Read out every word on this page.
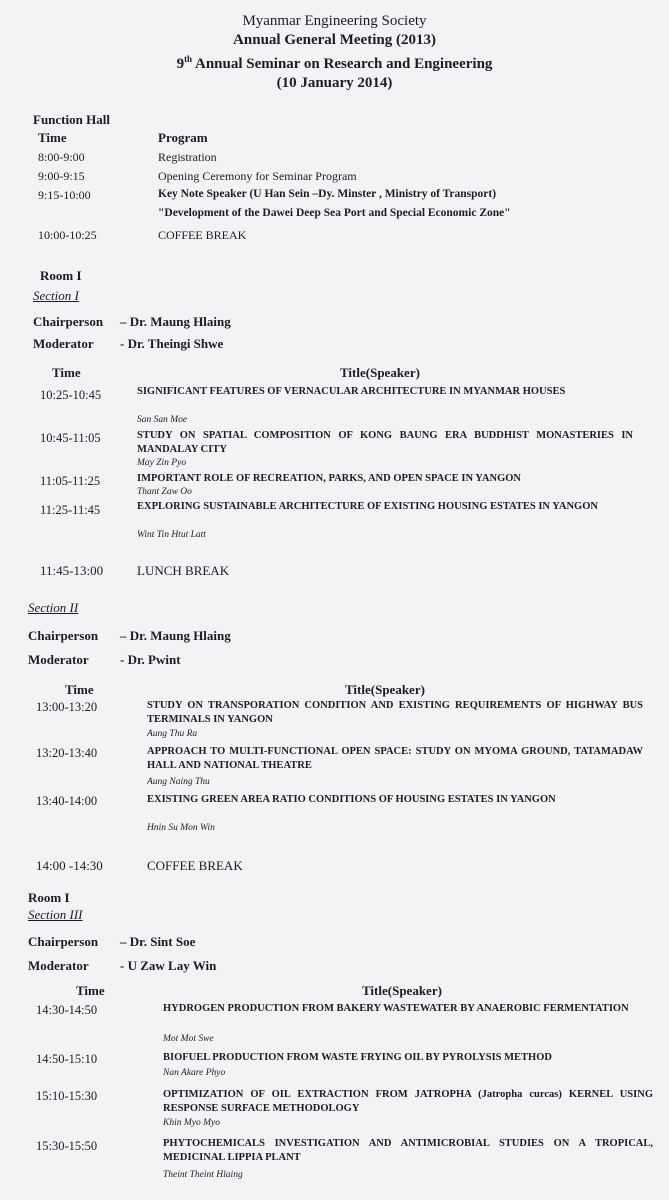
Myanmar Engineering Society
Annual General Meeting (2013)
9th Annual Seminar on Research and Engineering
(10 January 2014)
Function Hall
Time	Program
8:00-9:00	Registration
9:00-9:15	Opening Ceremony for Seminar Program
9:15-10:00	Key Note Speaker (U Han Sein –Dy. Minster , Ministry of Transport)
"Development of the Dawei Deep Sea Port and Special Economic Zone"
10:00-10:25	COFFEE BREAK
Room I
Section I
Chairperson – Dr. Maung Hlaing
Moderator - Dr. Theingi Shwe
Time	Title(Speaker)
10:25-10:45	SIGNIFICANT FEATURES OF VERNACULAR ARCHITECTURE IN MYANMAR HOUSES
San San Moe
10:45-11:05	STUDY ON SPATIAL COMPOSITION OF KONG BAUNG ERA BUDDHIST MONASTERIES IN MANDALAY CITY
May Zin Pyo
11:05-11:25	IMPORTANT ROLE OF RECREATION, PARKS, AND OPEN SPACE IN YANGON
Thant Zaw Oo
11:25-11:45	EXPLORING SUSTAINABLE ARCHITECTURE OF EXISTING HOUSING ESTATES IN YANGON
Wint Tin Htut Latt
11:45-13:00	LUNCH BREAK
Section II
Chairperson – Dr. Maung Hlaing
Moderator - Dr. Pwint
Time	Title(Speaker)
13:00-13:20	STUDY ON TRANSPORATION CONDITION AND EXISTING REQUIREMENTS OF HIGHWAY BUS TERMINALS IN YANGON
Aung Thu Ra
13:20-13:40	APPROACH TO MULTI-FUNCTIONAL OPEN SPACE: STUDY ON MYOMA GROUND, TATAMADAW HALL AND NATIONAL THEATRE
Aung Naing Thu
13:40-14:00	EXISTING GREEN AREA RATIO CONDITIONS OF HOUSING ESTATES IN YANGON
Hnin Su Mon Win
14:00 -14:30	COFFEE BREAK
Room I
Section III
Chairperson – Dr. Sint Soe
Moderator - U Zaw Lay Win
Time	Title(Speaker)
14:30-14:50	HYDROGEN PRODUCTION FROM BAKERY WASTEWATER BY ANAEROBIC FERMENTATION
Mot Mot Swe
14:50-15:10	BIOFUEL PRODUCTION FROM WASTE FRYING OIL BY PYROLYSIS METHOD
Nan Akare Phyo
15:10-15:30	OPTIMIZATION OF OIL EXTRACTION FROM JATROPHA (Jatropha curcas) KERNEL USING RESPONSE SURFACE METHODOLOGY
Khin Myo Myo
15:30-15:50	PHYTOCHEMICALS INVESTIGATION AND ANTIMICROBIAL STUDIES ON A TROPICAL, MEDICINAL LIPPIA PLANT
Theint Theint Hlaing
